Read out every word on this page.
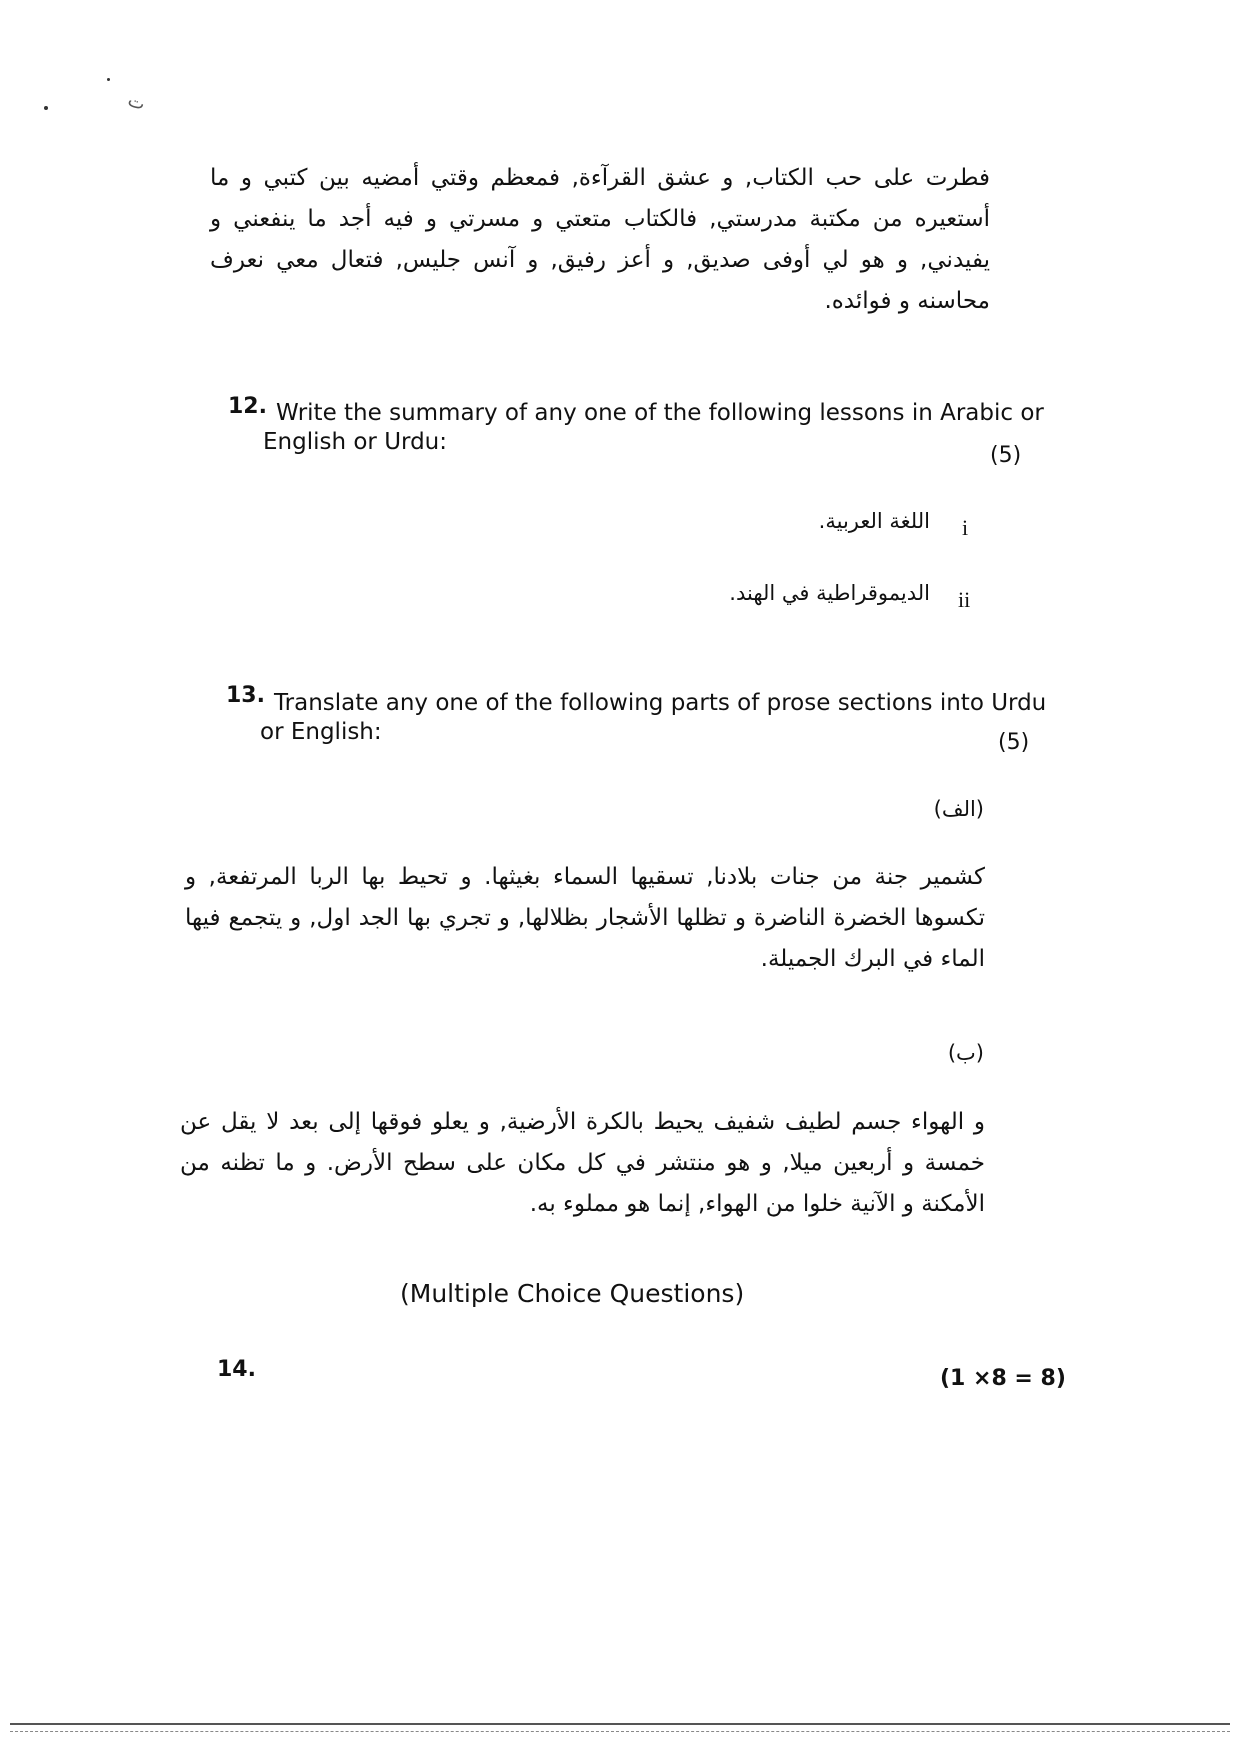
ت
فطرت على حب الكتاب, و عشق القرآءة, فمعظم وقتي أمضيه بين كتبي و ما أستعيره من مكتبة مدرستي, فالكتاب متعتي و مسرتي و فيه أجد ما ينفعني و يفيدني, و هو لي أوفى صديق, و أعز رفيق, و آنس جليس, فتعال معي نعرف محاسنه و فوائده.
12. Write the summary of any one of the following lessons in Arabic or
English or Urdu:
(5)
i
اللغة العربية.
ii
الديموقراطية في الهند.
13. Translate any one of the following parts of prose sections into Urdu
or English:	(5)
(الف)
كشمير جنة من جنات بلادنا, تسقيها السماء بغيثها. و تحيط بها الربا المرتفعة, و تكسوها الخضرة الناضرة و تظلها الأشجار بظلالها, و تجري بها الجد اول, و يتجمع فيها الماء في البرك الجميلة.
(ب)
و الهواء جسم لطيف شفيف يحيط بالكرة الأرضية, و يعلو فوقها إلى بعد لا يقل عن خمسة و أربعين ميلا, و هو منتشر في كل مكان على سطح الأرض. و ما تظنه من الأمكنة و الآنية خلوا من الهواء, إنما هو مملوء به.
(Multiple Choice Questions)
14.	(1 ×8 = 8)
